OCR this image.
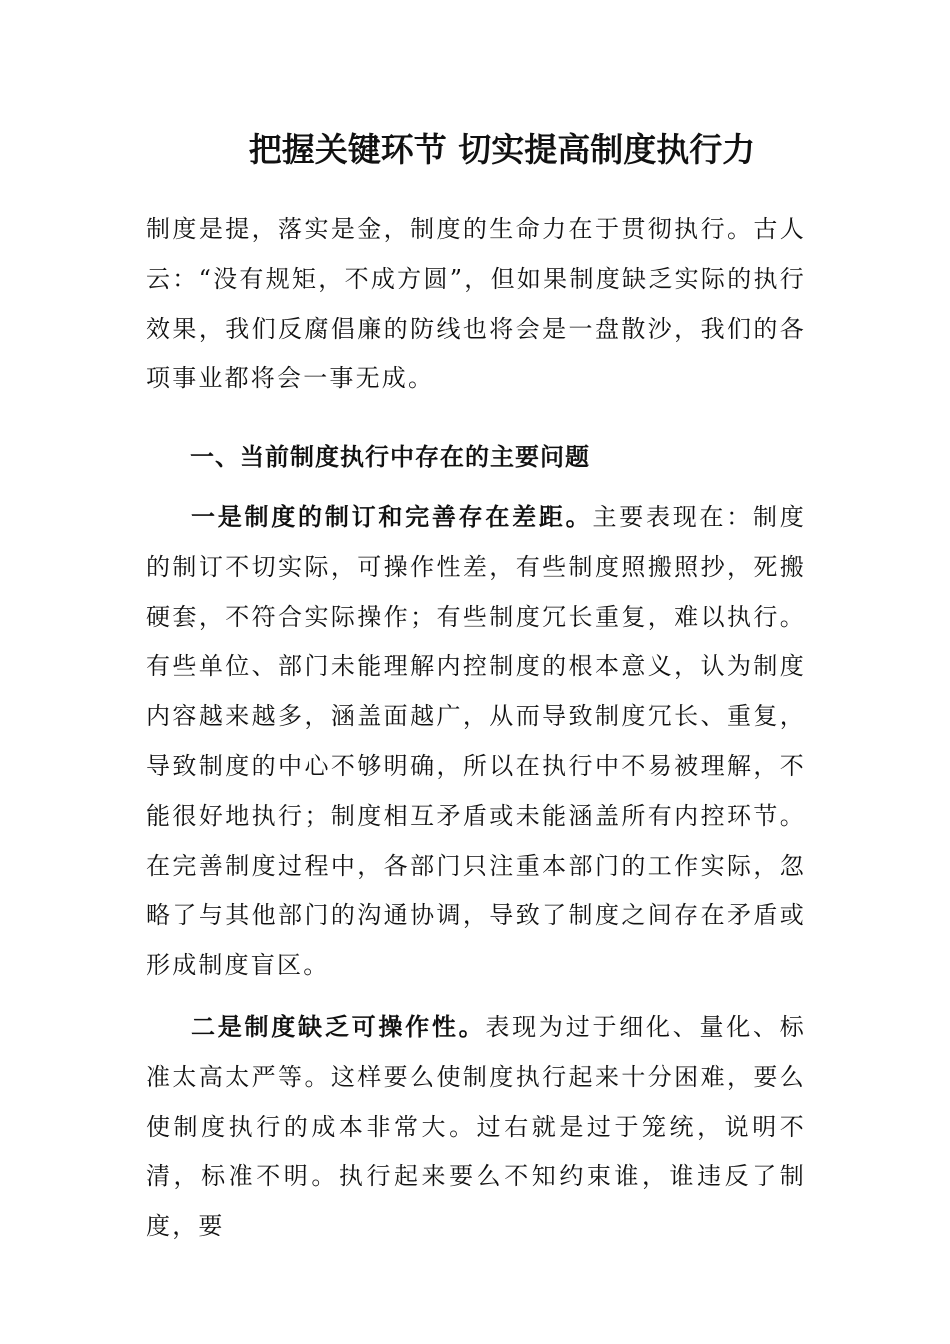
把握关键环节 切实提高制度执行力
制度是提，落实是金，制度的生命力在于贯彻执行。古人云：“没有规矩，不成方圆”，但如果制度缺乏实际的执行效果，我们反腐倡廉的防线也将会是一盘散沙，我们的各项事业都将会一事无成。
一、当前制度执行中存在的主要问题
一是制度的制订和完善存在差距。主要表现在：制度的制订不切实际，可操作性差，有些制度照搬照抄，死搬硬套，不符合实际操作；有些制度冗长重复，难以执行。有些单位、部门未能理解内控制度的根本意义，认为制度内容越来越多，涵盖面越广，从而导致制度冗长、重复，导致制度的中心不够明确，所以在执行中不易被理解，不能很好地执行；制度相互矛盾或未能涵盖所有内控环节。在完善制度过程中，各部门只注重本部门的工作实际，忽略了与其他部门的沟通协调，导致了制度之间存在矛盾或形成制度盲区。
二是制度缺乏可操作性。表现为过于细化、量化、标准太高太严等。这样要么使制度执行起来十分困难，要么使制度执行的成本非常大。过右就是过于笼统，说明不清，标准不明。执行起来要么不知约束谁，谁违反了制度，要
